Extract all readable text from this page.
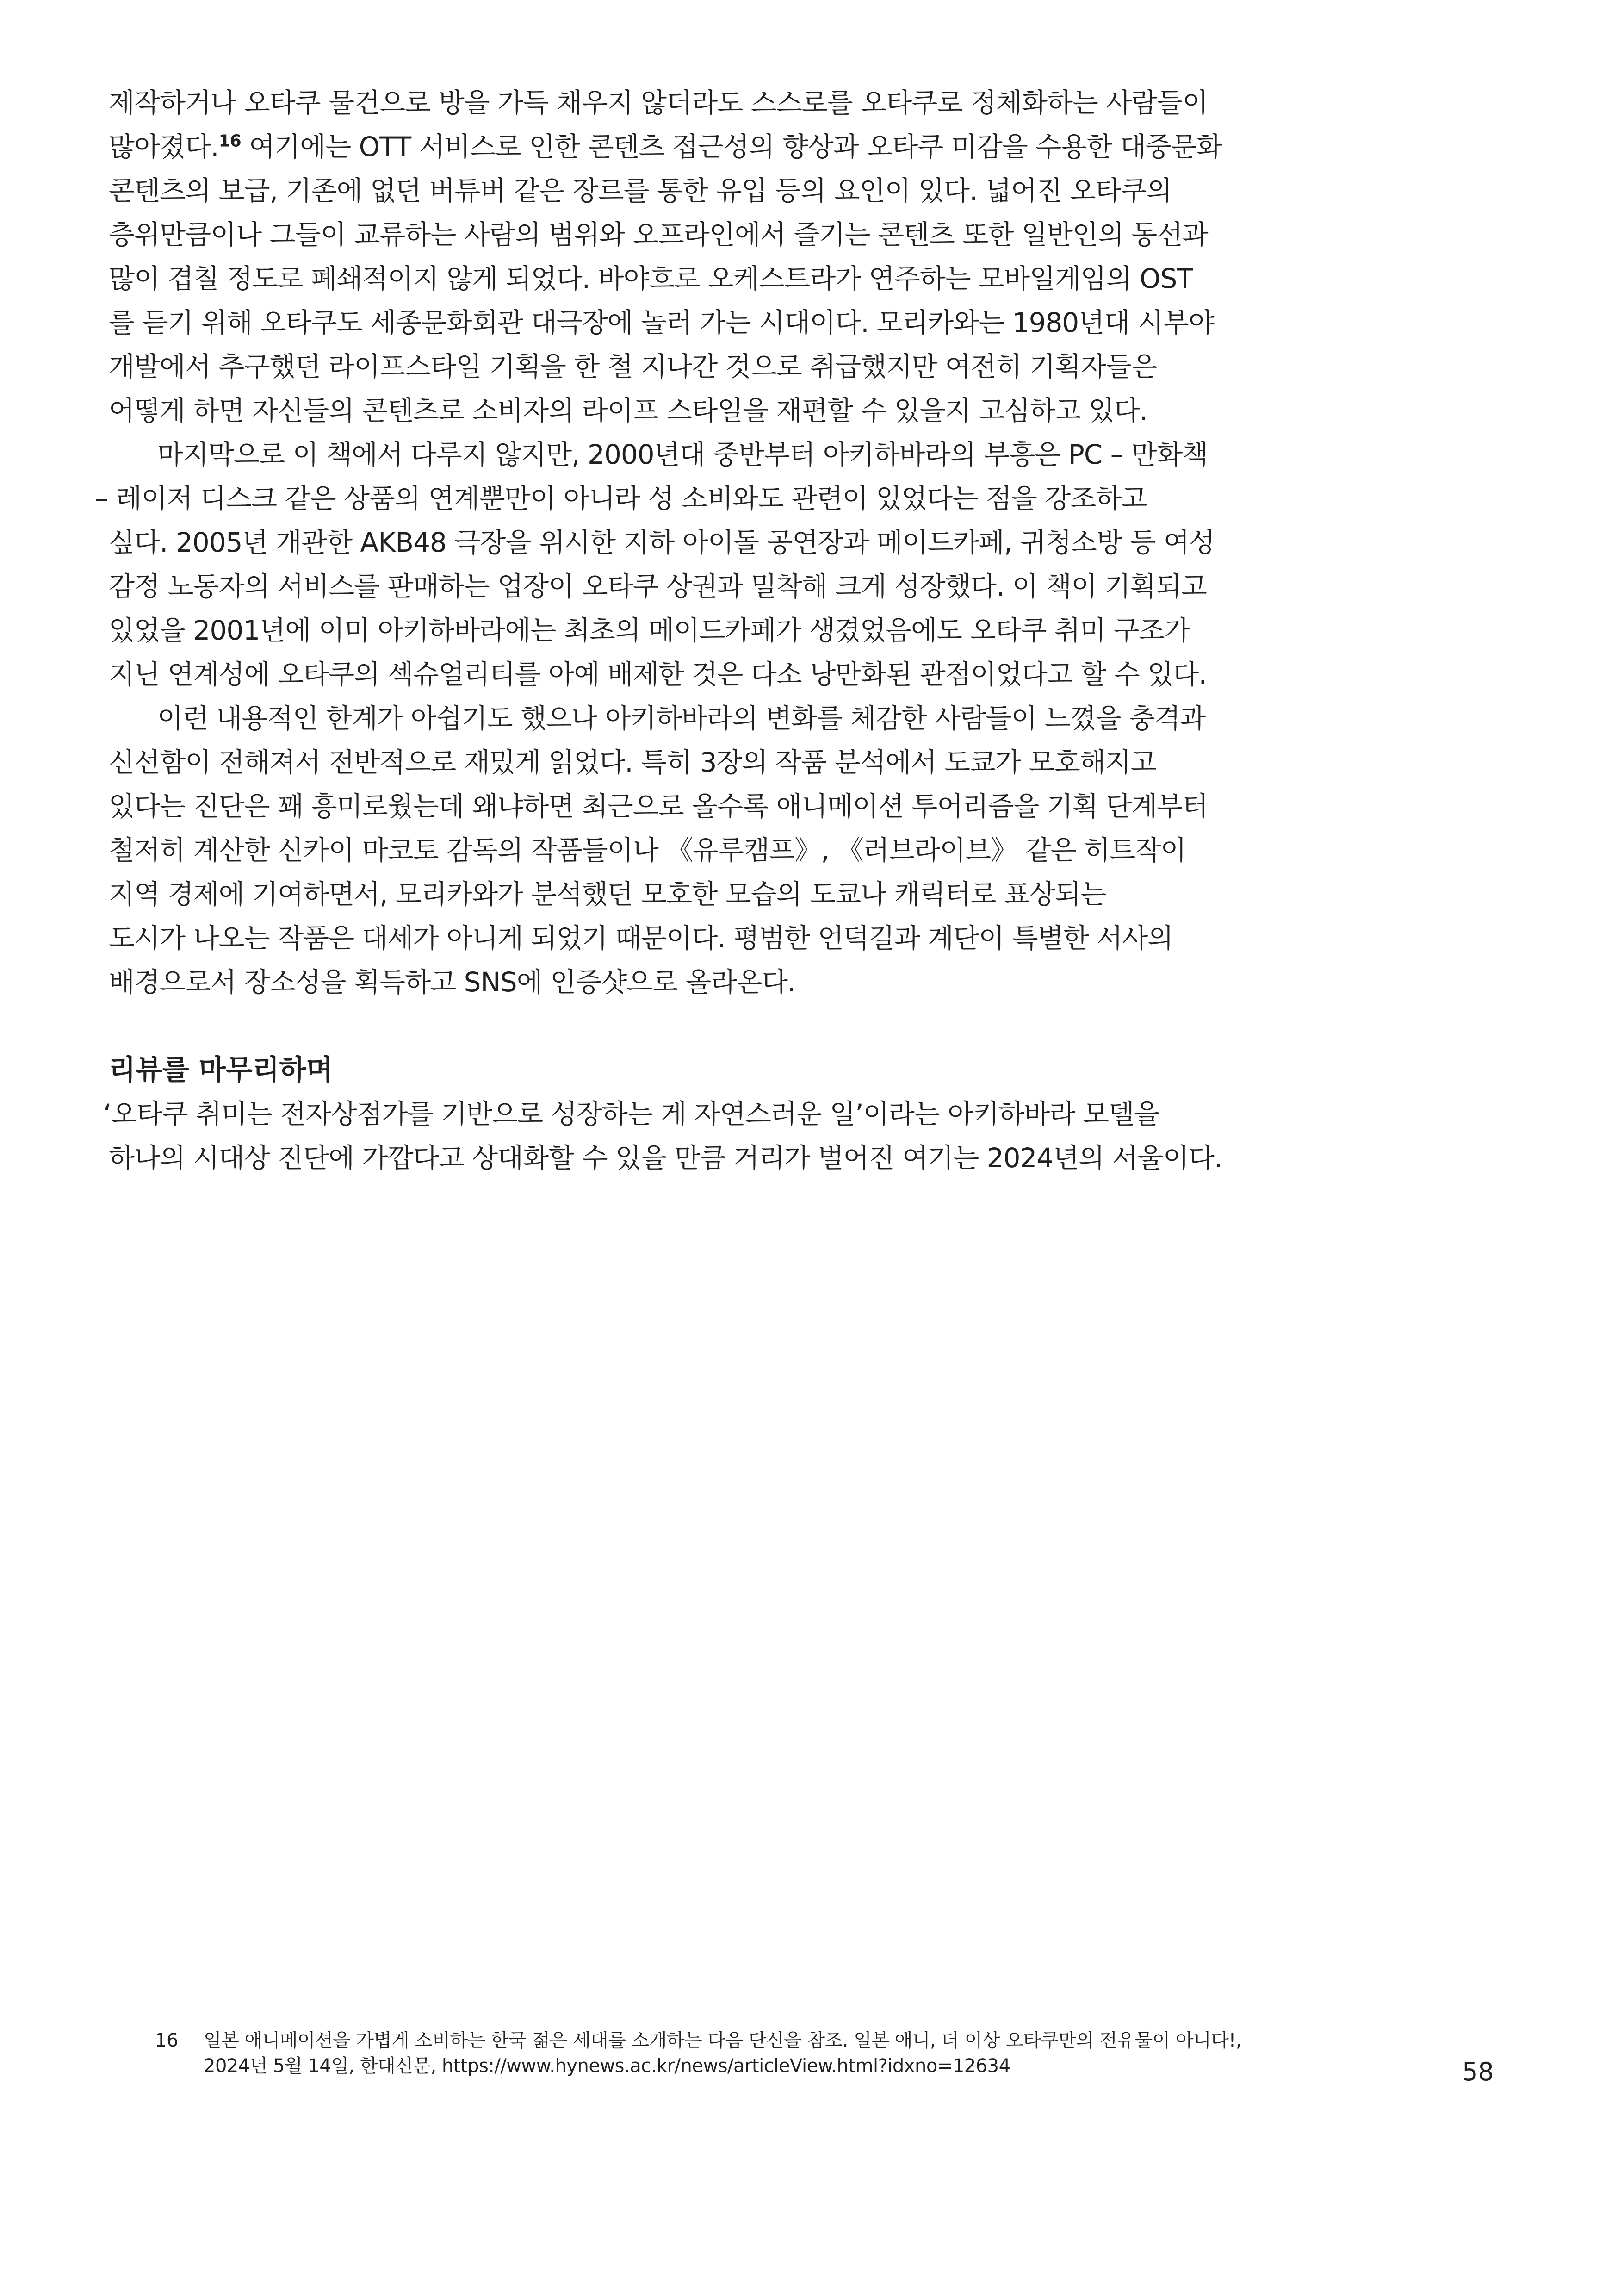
제작하거나 오타쿠 물건으로 방을 가득 채우지 않더라도 스스로를 오타쿠로 정체화하는 사람들이
많아졌다.$^{16}$ 여기에는 OTT 서비스로 인한 콘텐츠 접근성의 향상과 오타쿠 미감을 수용한 대중문화
콘텐츠의 보급, 기존에 없던 버튜버 같은 장르를 통한 유입 등의 요인이 있다. 넓어진 오타쿠의
층위만큼이나 그들이 교류하는 사람의 범위와 오프라인에서 즐기는 콘텐츠 또한 일반인의 동선과
많이 겹칠 정도로 폐쇄적이지 않게 되었다. 바야흐로 오케스트라가 연주하는 모바일게임의 OST
를 듣기 위해 오타쿠도 세종문화회관 대극장에 놀러 가는 시대이다. 모리카와는 1980년대 시부야
개발에서 추구했던 라이프스타일 기획을 한 철 지나간 것으로 취급했지만 여전히 기획자들은
어떻게 하면 자신들의 콘텐츠로 소비자의 라이프 스타일을 재편할 수 있을지 고심하고 있다.
마지막으로 이 책에서 다루지 않지만, 2000년대 중반부터 아키하바라의 부흥은 PC – 만화책
– 레이저 디스크 같은 상품의 연계뿐만이 아니라 성 소비와도 관련이 있었다는 점을 강조하고
싶다. 2005년 개관한 AKB48 극장을 위시한 지하 아이돌 공연장과 메이드카페, 귀청소방 등 여성
감정 노동자의 서비스를 판매하는 업장이 오타쿠 상권과 밀착해 크게 성장했다. 이 책이 기획되고
있었을 2001년에 이미 아키하바라에는 최초의 메이드카페가 생겼었음에도 오타쿠 취미 구조가
지닌 연계성에 오타쿠의 섹슈얼리티를 아예 배제한 것은 다소 낭만화된 관점이었다고 할 수 있다.
이런 내용적인 한계가 아쉽기도 했으나 아키하바라의 변화를 체감한 사람들이 느꼈을 충격과
신선함이 전해져서 전반적으로 재밌게 읽었다. 특히 3장의 작품 분석에서 도쿄가 모호해지고
있다는 진단은 꽤 흥미로웠는데 왜냐하면 최근으로 올수록 애니메이션 투어리즘을 기획 단계부터
철저히 계산한 신카이 마코토 감독의 작품들이나 《유루캠프》, 《러브라이브》 같은 히트작이
지역 경제에 기여하면서, 모리카와가 분석했던 모호한 모습의 도쿄나 캐릭터로 표상되는
도시가 나오는 작품은 대세가 아니게 되었기 때문이다. 평범한 언덕길과 계단이 특별한 서사의
배경으로서 장소성을 획득하고 SNS에 인증샷으로 올라온다.
리뷰를 마무리하며
‘오타쿠 취미는 전자상점가를 기반으로 성장하는 게 자연스러운 일’이라는 아키하바라 모델을
하나의 시대상 진단에 가깝다고 상대화할 수 있을 만큼 거리가 벌어진 여기는 2024년의 서울이다.
16	일본 애니메이션을 가볍게 소비하는 한국 젊은 세대를 소개하는 다음 단신을 참조. 일본 애니, 더 이상 오타쿠만의 전유물이 아니다!,
2024년 5월 14일, 한대신문, https://www.hynews.ac.kr/news/articleView.html?idxno=12634	58
